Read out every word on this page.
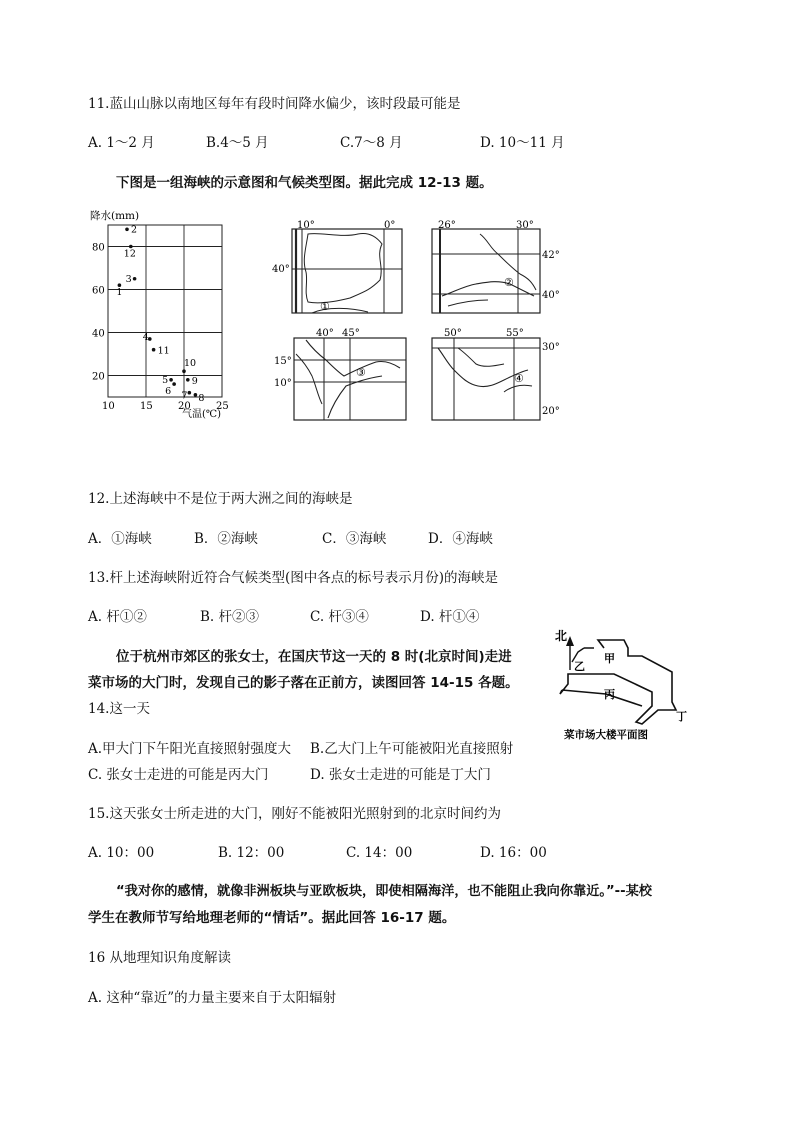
11.蓝山山脉以南地区每年有段时间降水偏少，该时段最可能是
A. 1～2 月	B.4～5 月	C.7～8 月	D. 10～11 月
下图是一组海峡的示意图和气候类型图。据此完成 12-13 题。
降水(mm)
10	15	20	25
20
40
60
80
1
2
3
4
5
6 7 8
9
10
11
12
气温(℃)
10°	0°
40°
①
26°	30°
42°
40°
②
40° 45°
15°
10°
③
50°	55°
30°
20°
④
12.上述海峡中不是位于两大洲之间的海峡是
A．①海峡	B．②海峡	C．③海峡	D．④海峡
13.杆上述海峡附近符合气候类型(图中各点的标号表示月份)的海峡是
A. 杆①②	B. 杆②③	C. 杆③④	D. 杆①④
位于杭州市郊区的张女士，在国庆节这一天的 8 时(北京时间)走进
菜市场的大门时，发现自己的影子落在正前方，读图回答 14-15 各题。
北
甲
乙
丙
丁
菜市场大楼平面图
14.这一天
A.甲大门下午阳光直接照射强度大 B.乙大门上午可能被阳光直接照射
C. 张女士走进的可能是丙大门	D. 张女士走进的可能是丁大门
15.这天张女士所走进的大门，刚好不能被阳光照射到的北京时间约为
A. 10：00	B. 12：00	C. 14：00	D. 16：00
“我对你的感情，就像非洲板块与亚欧板块，即使相隔海洋，也不能阻止我向你靠近。”--某校
学生在教师节写给地理老师的“情话”。据此回答 16-17 题。
16 从地理知识角度解读
A. 这种“靠近”的力量主要来自于太阳辐射
